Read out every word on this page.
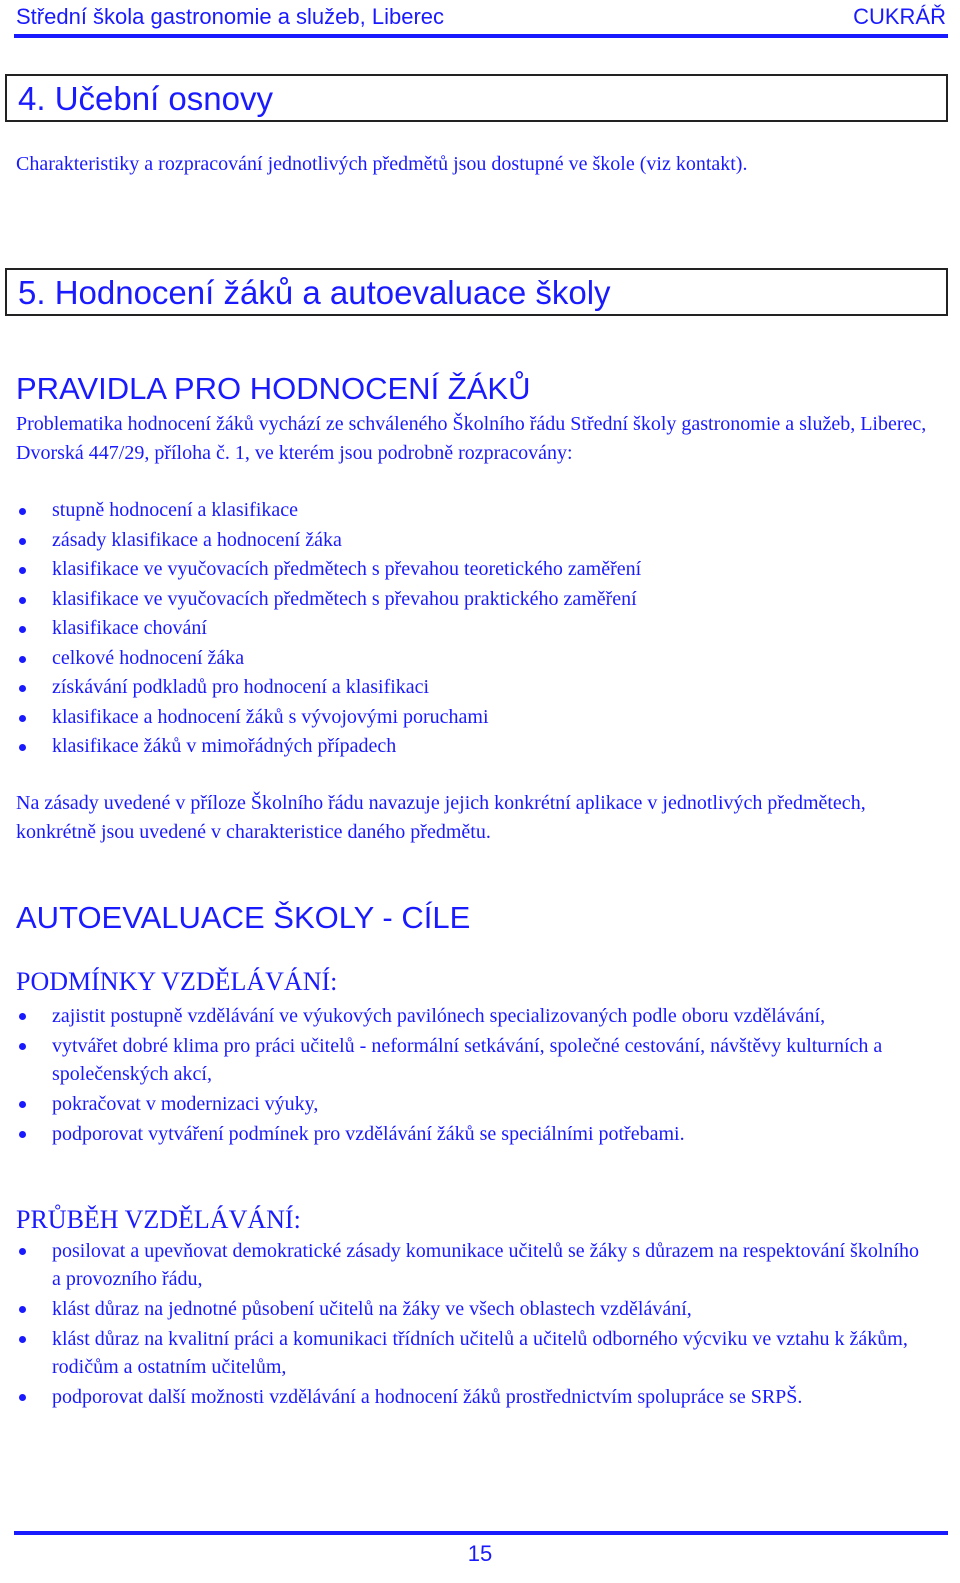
Střední škola gastronomie a služeb, Liberec	CUKRÁŘ
4. Učební osnovy

Charakteristiky a rozpracování jednotlivých předmětů jsou dostupné ve škole (viz kontakt).

5. Hodnocení žáků a autoevaluace školy
PRAVIDLA PRO HODNOCENÍ ŽÁKŮ

Problematika hodnocení žáků vychází ze schváleného Školního řádu Střední školy gastronomie a služeb, Liberec, Dvorská 447/29, příloha č. 1, ve kterém jsou podrobně rozpracovány:

stupně hodnocení a klasifikace
zásady klasifikace a hodnocení žáka
klasifikace ve vyučovacích předmětech s převahou teoretického zaměření
klasifikace ve vyučovacích předmětech s převahou praktického zaměření
klasifikace chování
celkové hodnocení žáka
získávání podkladů pro hodnocení a klasifikaci
klasifikace a hodnocení žáků s vývojovými poruchami
klasifikace žáků v mimořádných případech

Na zásady uvedené v příloze Školního řádu navazuje jejich konkrétní aplikace v jednotlivých předmětech, konkrétně jsou uvedené v charakteristice daného předmětu.

AUTOEVALUACE ŠKOLY - CÍLE
PODMÍNKY VZDĚLÁVÁNÍ:
zajistit postupně vzdělávání ve výukových pavilónech specializovaných podle oboru vzdělávání,
vytvářet dobré klima pro práci učitelů - neformální setkávání, společné cestování, návštěvy kulturních a společenských akcí,
pokračovat v modernizaci výuky,
podporovat vytváření podmínek pro vzdělávání žáků se speciálními potřebami.
PRŮBĚH VZDĚLÁVÁNÍ:
posilovat a upevňovat demokratické zásady komunikace učitelů se žáky s důrazem na respektování školního a provozního řádu,
klást důraz na jednotné působení učitelů na žáky ve všech oblastech vzdělávání,
klást důraz na kvalitní práci a komunikaci třídních učitelů a učitelů odborného výcviku ve vztahu k žákům, rodičům a ostatním učitelům,
podporovat další možnosti vzdělávání a hodnocení žáků prostřednictvím spolupráce se SRPŠ.
15
